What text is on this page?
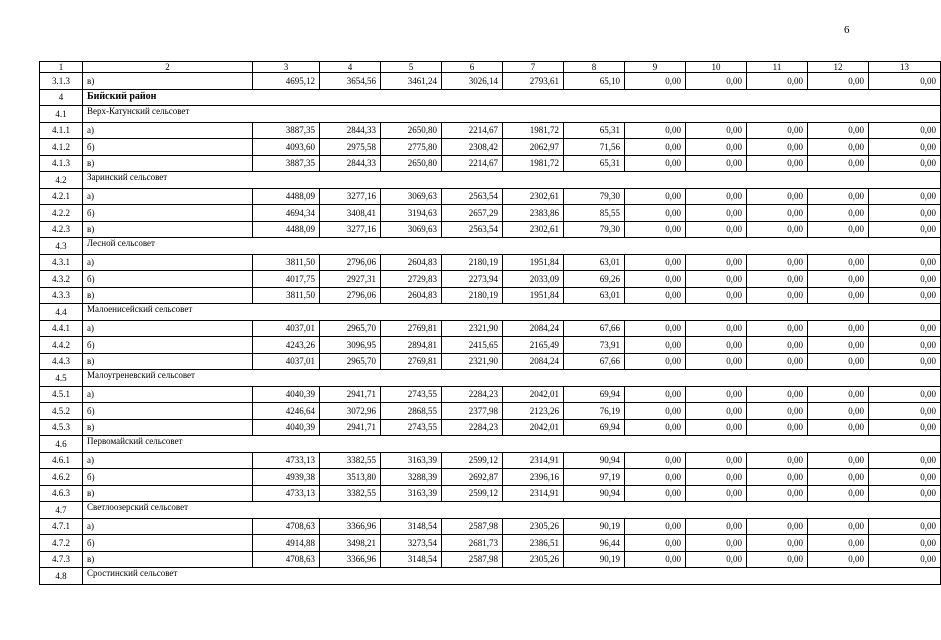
6
1	2	3	4	5	6	7	8	9	10	11	12	13
3.1.3	в)	4695,12	3654,56	3461,24	3026,14	2793,61	65,10	0,00	0,00	0,00	0,00	0,00
4	Бийский район											
4.1	Верх-Катунский сельсовет											
4.1.1	а)	3887,35	2844,33	2650,80	2214,67	1981,72	65,31	0,00	0,00	0,00	0,00	0,00
4.1.2	б)	4093,60	2975,58	2775,80	2308,42	2062,97	71,56	0,00	0,00	0,00	0,00	0,00
4.1.3	в)	3887,35	2844,33	2650,80	2214,67	1981,72	65,31	0,00	0,00	0,00	0,00	0,00
4.2	Заринский сельсовет											
4.2.1	а)	4488,09	3277,16	3069,63	2563,54	2302,61	79,30	0,00	0,00	0,00	0,00	0,00
4.2.2	б)	4694,34	3408,41	3194,63	2657,29	2383,86	85,55	0,00	0,00	0,00	0,00	0,00
4.2.3	в)	4488,09	3277,16	3069,63	2563,54	2302,61	79,30	0,00	0,00	0,00	0,00	0,00
4.3	Лесной сельсовет											
4.3.1	а)	3811,50	2796,06	2604,83	2180,19	1951,84	63,01	0,00	0,00	0,00	0,00	0,00
4.3.2	б)	4017,75	2927,31	2729,83	2273,94	2033,09	69,26	0,00	0,00	0,00	0,00	0,00
4.3.3	в)	3811,50	2796,06	2604,83	2180,19	1951,84	63,01	0,00	0,00	0,00	0,00	0,00
4.4	Малоенисейский сельсовет											
4.4.1	а)	4037,01	2965,70	2769,81	2321,90	2084,24	67,66	0,00	0,00	0,00	0,00	0,00
4.4.2	б)	4243,26	3096,95	2894,81	2415,65	2165,49	73,91	0,00	0,00	0,00	0,00	0,00
4.4.3	в)	4037,01	2965,70	2769,81	2321,90	2084,24	67,66	0,00	0,00	0,00	0,00	0,00
4.5	Малоугреневский сельсовет											
4.5.1	а)	4040,39	2941,71	2743,55	2284,23	2042,01	69,94	0,00	0,00	0,00	0,00	0,00
4.5.2	б)	4246,64	3072,96	2868,55	2377,98	2123,26	76,19	0,00	0,00	0,00	0,00	0,00
4.5.3	в)	4040,39	2941,71	2743,55	2284,23	2042,01	69,94	0,00	0,00	0,00	0,00	0,00
4.6	Первомайский сельсовет											
4.6.1	а)	4733,13	3382,55	3163,39	2599,12	2314,91	90,94	0,00	0,00	0,00	0,00	0,00
4.6.2	б)	4939,38	3513,80	3288,39	2692,87	2396,16	97,19	0,00	0,00	0,00	0,00	0,00
4.6.3	в)	4733,13	3382,55	3163,39	2599,12	2314,91	90,94	0,00	0,00	0,00	0,00	0,00
4.7	Светлоозерский сельсовет											
4.7.1	а)	4708,63	3366,96	3148,54	2587,98	2305,26	90,19	0,00	0,00	0,00	0,00	0,00
4.7.2	б)	4914,88	3498,21	3273,54	2681,73	2386,51	96,44	0,00	0,00	0,00	0,00	0,00
4.7.3	в)	4708,63	3366,96	3148,54	2587,98	2305,26	90,19	0,00	0,00	0,00	0,00	0,00
4.8	Сростинский сельсовет											
